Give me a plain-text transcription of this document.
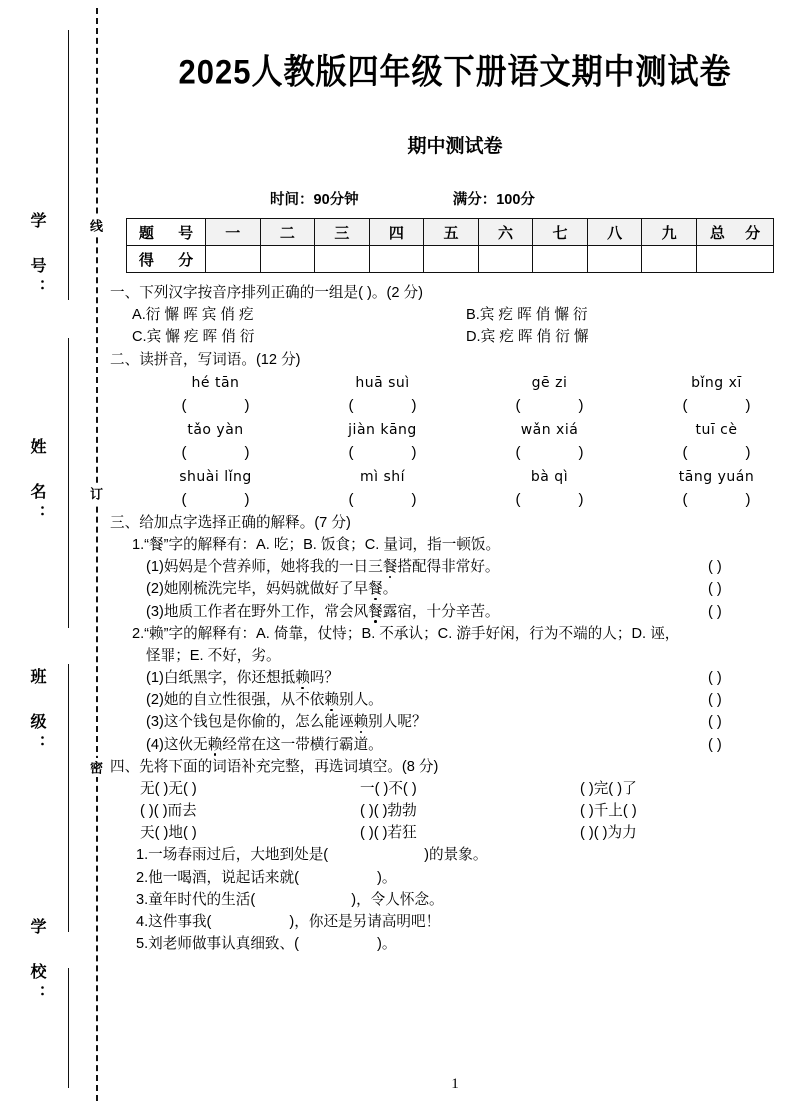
学 号：
姓 名：
班 级：
学 校：
线
订
密
2025人教版四年级下册语文期中测试卷
期中测试卷
时间：90分钟	满分：100分
题 号	一	二	三	四	五	六	七	八	九	总 分
得 分										
一、下列汉字按音序排列正确的一组是( )。(2 分)
A.衍 懈 晖 宾 俏 疙	B.宾 疙 晖 俏 懈 衍
C.宾 懈 疙 晖 俏 衍	D.宾 疙 晖 俏 衍 懈
二、读拼音，写词语。(12 分)
hé tān
(	)
huā suì
(	)
gē zi
(	)
bǐng xī
(	)
tǎo yàn
(	)
jiàn kāng
(	)
wǎn xiá
(	)
tuī cè
(	)
shuài lǐng
(	)
mì shí
(	)
bà qì
(	)
tāng yuán
(	)
三、给加点字选择正确的解释。(7 分)
1.“餐”字的解释有：A. 吃；B. 饭食；C. 量词，指一顿饭。
(1)妈妈是个营养师，她将我的一日三餐搭配得非常好。	( )
(2)她刚梳洗完毕，妈妈就做好了早餐。	( )
(3)地质工作者在野外工作，常会风餐露宿，十分辛苦。	( )
2.“赖”字的解释有：A. 倚靠，仗恃；B. 不承认；C. 游手好闲，行为不端的人；D. 诬，
怪罪；E. 不好，劣。
(1)白纸黑字，你还想抵赖吗？	( )
(2)她的自立性很强，从不依赖别人。	( )
(3)这个钱包是你偷的，怎么能诬赖别人呢？	( )
(4)这伙无赖经常在这一带横行霸道。	( )
四、先将下面的词语补充完整，再选词填空。(8 分)
无( )无( )	一( )不( )	( )完( )了
( )( )而去	( )( )勃勃	( )千上( )
天( )地( )	( )( )若狂	( )( )为力
1.一场春雨过后，大地到处是(	)的景象。
2.他一喝酒，说起话来就(	)。
3.童年时代的生活(	)，令人怀念。
4.这件事我(	)，你还是另请高明吧！
5.刘老师做事认真细致、(	)。
1
